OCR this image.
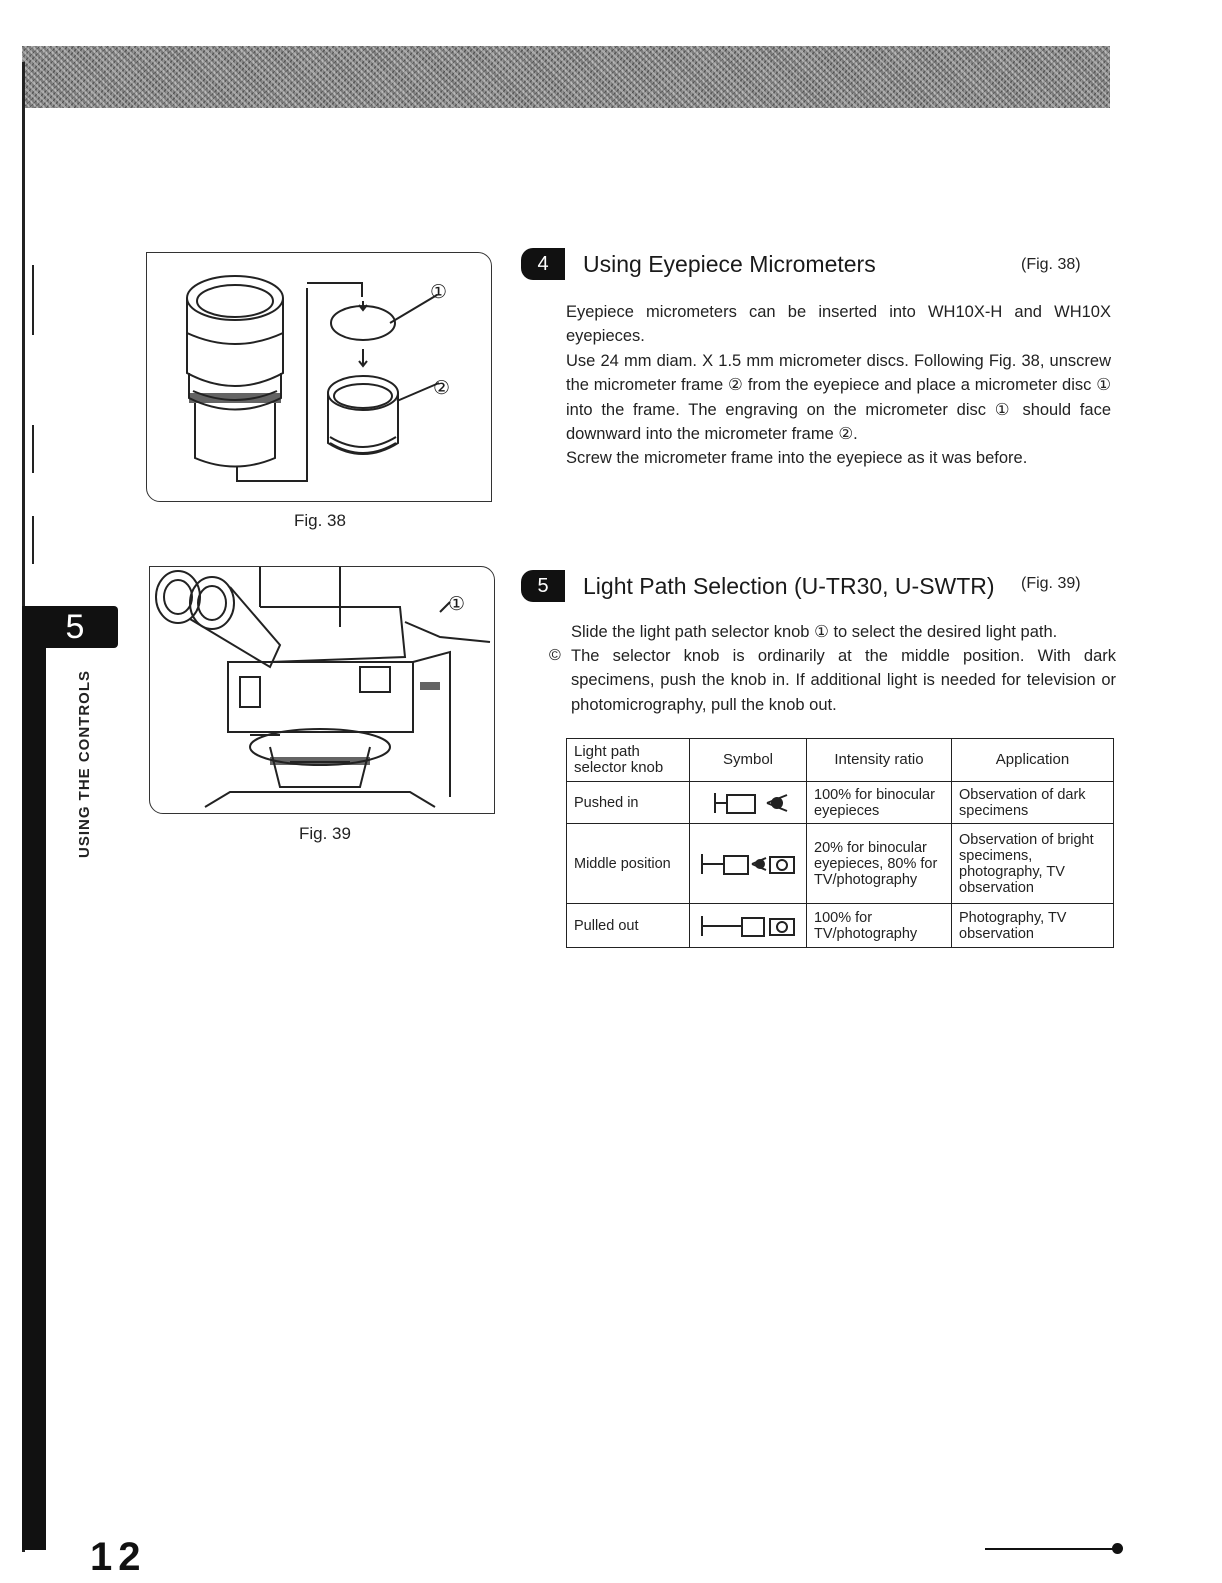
5
USING THE CONTROLS
①
②
Fig. 38
4	Using Eyepiece Micrometers	(Fig. 38)

Eyepiece micrometers can be inserted into WH10X-H and WH10X eyepieces.

Use 24 mm diam. X 1.5 mm micrometer discs. Following Fig. 38, unscrew the micrometer frame ② from the eyepiece and place a micrometer disc ① into the frame. The engraving on the micrometer disc ① should face downward into the micrometer frame ②.

Screw the micrometer frame into the eyepiece as it was before.

①
Fig. 39
5	Light Path Selection (U-TR30, U-SWTR) (Fig. 39)

Slide the light path selector knob ① to select the desired light path.

© The selector knob is ordinarily at the middle position. With dark specimens, push the knob in. If additional light is needed for television or photomicrography, pull the knob out.

Light path selector knob	Symbol	Intensity ratio	Application
Pushed in		100% for binocular eyepieces	Observation of dark specimens
Middle position		20% for binocular eyepieces, 80% for TV/photography	Observation of bright specimens, photography, TV observation
Pulled out		100% for TV/photography	Photography, TV observation
12
